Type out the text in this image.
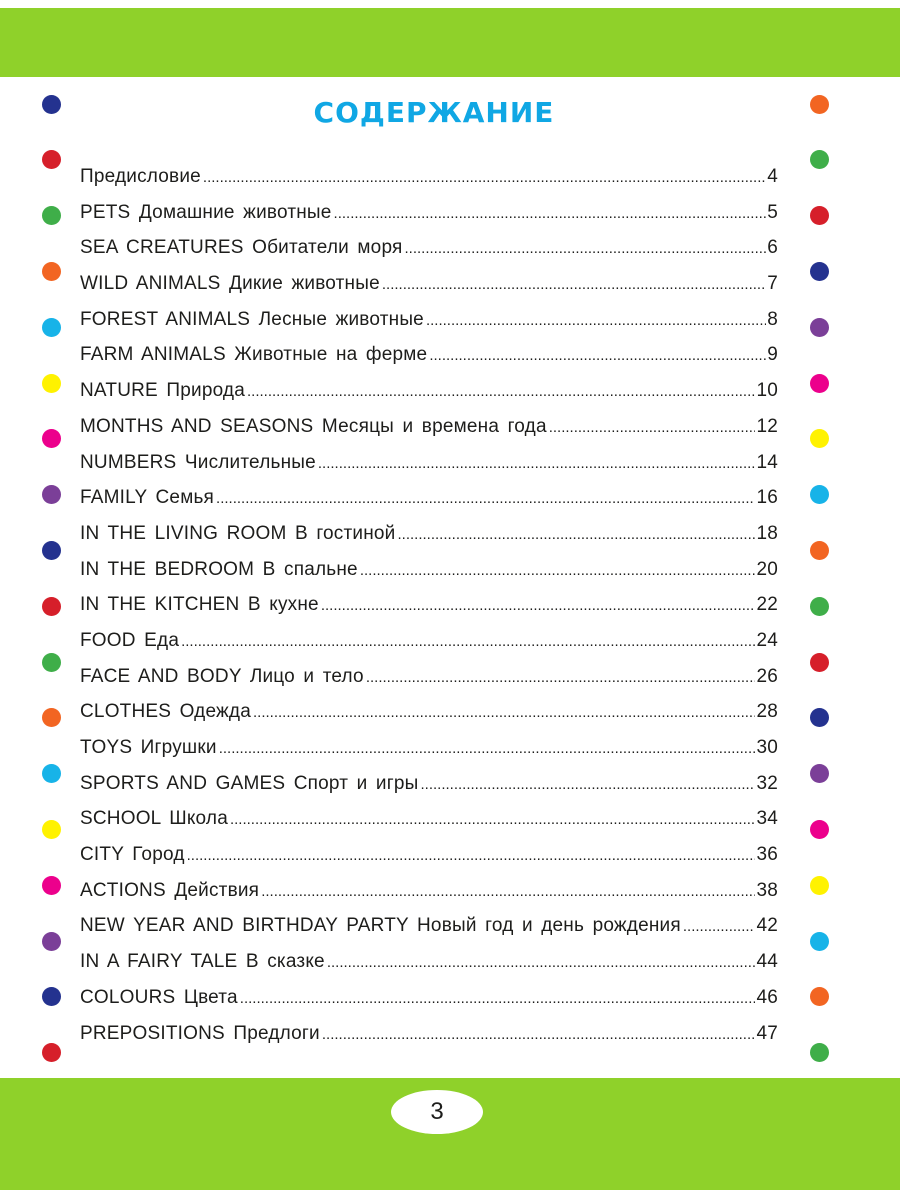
СОДЕРЖАНИЕ
Предисловие .....	4
PETS Домашние животные .....	5
SEA CREATURES Обитатели моря .....	6
WILD ANIMALS Дикие животные .....	7
FOREST ANIMALS Лесные животные .....	8
FARM ANIMALS Животные на ферме .....	9
NATURE Природа .....	10
MONTHS AND SEASONS Месяцы и времена года .....	12
NUMBERS Числительные .....	14
FAMILY Семья .....	16
IN THE LIVING ROOM В гостиной .....	18
IN THE BEDROOM В спальне .....	20
IN THE KITCHEN В кухне .....	22
FOOD Еда .....	24
FACE AND BODY Лицо и тело .....	26
CLOTHES Одежда .....	28
TOYS Игрушки .....	30
SPORTS AND GAMES Спорт и игры .....	32
SCHOOL Школа .....	34
CITY Город .....	36
ACTIONS Действия .....	38
NEW YEAR AND BIRTHDAY PARTY Новый год и день рождения .....	42
IN A FAIRY TALE В сказке .....	44
COLOURS Цвета .....	46
PREPOSITIONS Предлоги .....	47
3
